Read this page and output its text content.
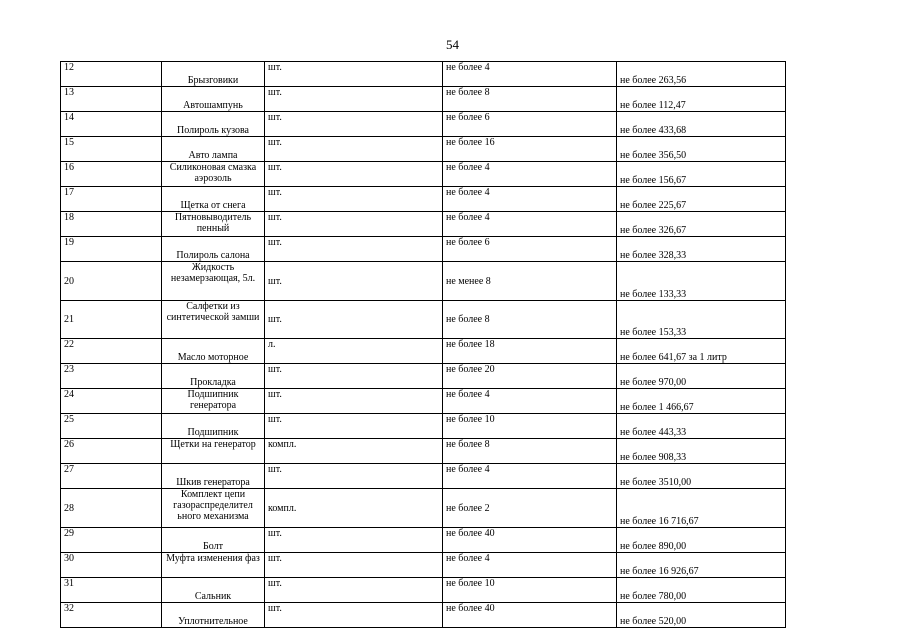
54
12	Брызговики	шт.	не более 4	не более 263,56
13	Автошампунь	шт.	не более 8	не более 112,47
14	Полироль кузова	шт.	не более 6	не более 433,68
15	Авто лампа	шт.	не более 16	не более 356,50
16	Силиконовая смазка аэрозоль	шт.	не более 4	не более 156,67
17	Щетка от снега	шт.	не более 4	не более 225,67
18	Пятновыводитель пенный	шт.	не более 4	не более 326,67
19	Полироль салона	шт.	не более 6	не более 328,33
20	Жидкость незамерзающая, 5л.	шт.	не менее 8	не более 133,33
21	Салфетки из синтетической замши	шт.	не более 8	не более 153,33
22	Масло моторное	л.	не более 18	не более 641,67 за 1 литр
23	Прокладка	шт.	не более 20	не более 970,00
24	Подшипник генератора	шт.	не более 4	не более 1 466,67
25	Подшипник	шт.	не более 10	не более 443,33
26	Щетки на генератор	компл.	не более 8	не более 908,33
27	Шкив генератора	шт.	не более 4	не более 3510,00
28	Комплект цепи газораспределител ьного механизма	компл.	не более 2	не более 16 716,67
29	Болт	шт.	не более 40	не более 890,00
30	Муфта изменения фаз	шт.	не более 4	не более 16 926,67
31	Сальник	шт.	не более 10	не более 780,00
32	Уплотнительное	шт.	не более 40	не более 520,00
